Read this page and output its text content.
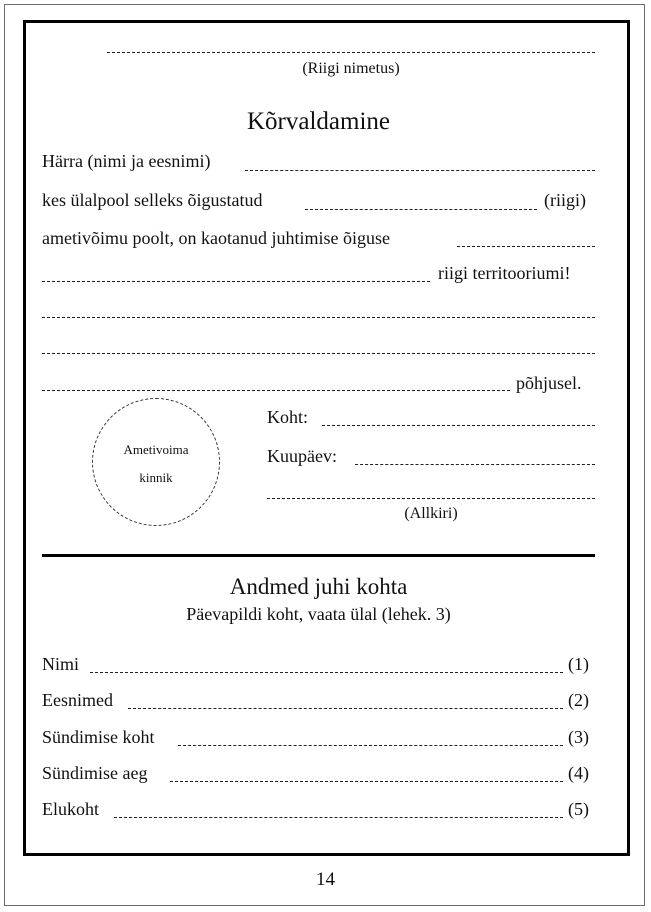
(Riigi nimetus)
Kõrvaldamine
Härra (nimi ja eesnimi)
kes ülalpool selleks õigustatud	(riigi)
ametivõimu poolt, on kaotanud juhtimise õiguse
riigi territooriumi!
põhjusel.
Ametivoima
kinnik
Koht:
Kuupäev:
(Allkiri)
Andmed juhi kohta
Päevapildi koht, vaata ülal (lehek. 3)
Nimi	(1)
Eesnimed	(2)
Sündimise koht	(3)
Sündimise aeg	(4)
Elukoht	(5)
14
